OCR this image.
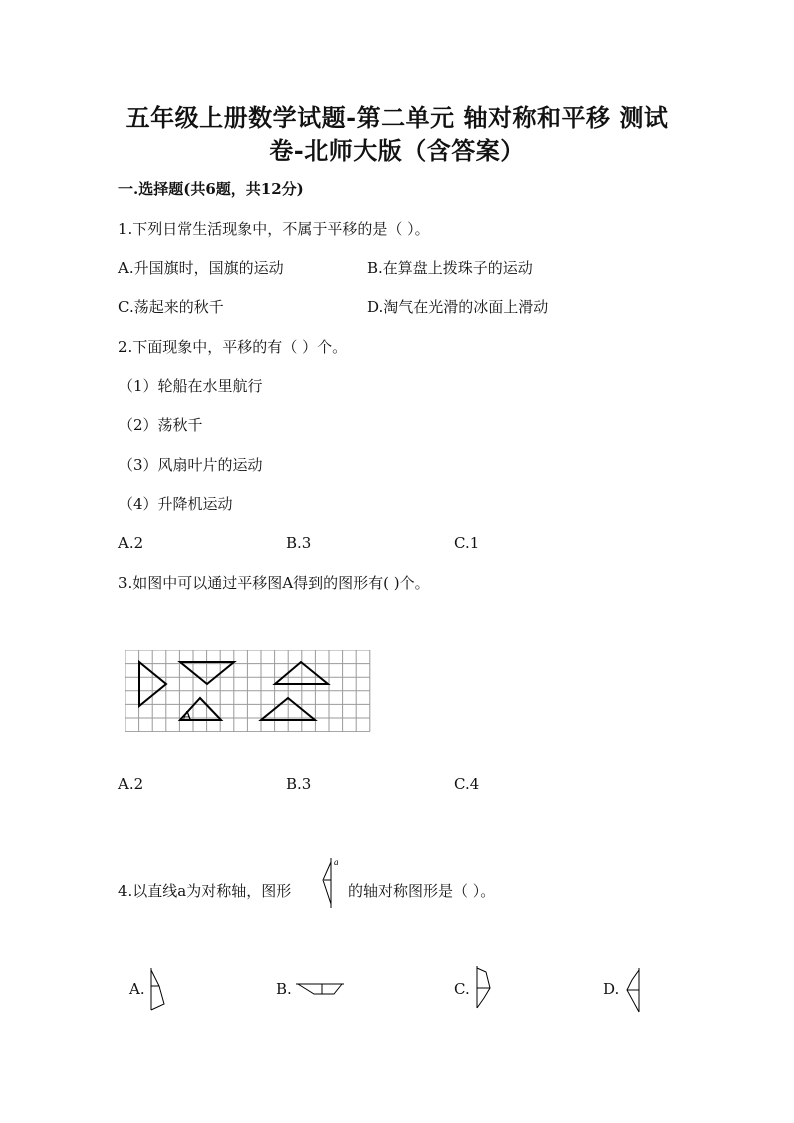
五年级上册数学试题-第二单元 轴对称和平移 测试
卷-北师大版（含答案）
一.选择题(共6题，共12分)
1.下列日常生活现象中，不属于平移的是（ ）。
A.升国旗时，国旗的运动	B.在算盘上拨珠子的运动
C.荡起来的秋千	D.淘气在光滑的冰面上滑动
2.下面现象中，平移的有（ ）个。
（1）轮船在水里航行
（2）荡秋千
（3）风扇叶片的运动
（4）升降机运动
A.2	B.3	C.1
3.如图中可以通过平移图A得到的图形有( )个。
A
A.2	B.3	C.4
4.以直线a为对称轴，图形
a
的轴对称图形是（ ）。
A.	B.	C.	D.
